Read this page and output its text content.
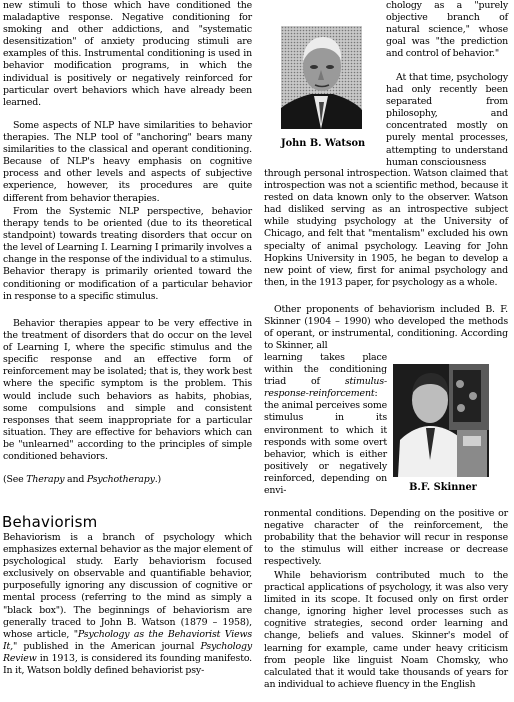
new stimuli to those which have conditioned the maladaptive response. Negative conditioning for smoking and other addictions, and "systematic desensitization" of anxiety producing stimuli are examples of this. Instrumental conditioning is used in behavior modification programs, in which the individual is positively or negatively reinforced for particular overt behaviors which have already been learned.

Some aspects of NLP have similarities to behavior therapies. The NLP tool of "anchoring" bears many similarities to the classical and operant conditioning. Because of NLP's heavy emphasis on cognitive process and other levels and aspects of subjective experience, however, its procedures are quite different from behavior therapies.

From the Systemic NLP perspective, behavior therapy tends to be oriented (due to its theoretical standpoint) towards treating disorders that occur on the level of Learning I. Learning I primarily involves a change in the response of the individual to a stimulus. Behavior therapy is primarily oriented toward the conditioning or modification of a particular behavior in response to a specific stimulus.

Behavior therapies appear to be very effective in the treatment of disorders that do occur on the level of Learning I, where the specific stimulus and the specific response and an effective form of reinforcement may be isolated; that is, they work best where the specific symptom is the problem. This would include such behaviors as habits, phobias, some compulsions and simple and consistent responses that seem inappropriate for a particular situation. They are effective for behaviors which can be "unlearned" according to the principles of simple conditioned behaviors.

(See Therapy and Psychotherapy.)

Behaviorism

Behaviorism is a branch of psychology which emphasizes external behavior as the major element of psychological study. Early behaviorism focused exclusively on observable and quantifiable behavior, purposefully ignoring any discussion of cognitive or mental process (referring to the mind as simply a "black box"). The beginnings of behaviorism are generally traced to John B. Watson (1879 – 1958), whose article, "Psychology as the Behaviorist Views It," published in the American journal Psychology Review in 1913, is considered its founding manifesto. In it, Watson boldly defined behaviorist psy-

John B. Watson

chology as a "purely objective branch of natural science," whose goal was "the prediction and control of behavior."

At that time, psychology had only recently been separated from philosophy, and concentrated mostly on purely mental processes, attempting to understand human consciousness

through personal introspection. Watson claimed that introspection was not a scientific method, because it rested on data known only to the observer. Watson had disliked serving as an introspective subject while studying psychology at the University of Chicago, and felt that "mentalism" excluded his own specialty of animal psychology. Leaving for John Hopkins University in 1905, he began to develop a new point of view, first for animal psychology and then, in the 1913 paper, for psychology as a whole.

Other proponents of behaviorism included B. F. Skinner (1904 – 1990) who developed the methods of operant, or instrumental, conditioning. According to Skinner, all

B.F. Skinner

learning takes place within the conditioning triad of stimulus-response-reinforcement: the animal perceives some stimulus in its environment to which it responds with some overt behavior, which is either positively or negatively reinforced, depending on envi-

ronmental conditions. Depending on the positive or negative character of the reinforcement, the probability that the behavior will recur in response to the stimulus will either increase or decrease respectively.

While behaviorism contributed much to the practical applications of psychology, it was also very limited in its scope. It focused only on first order change, ignoring higher level processes such as cognitive strategies, second order learning and change, beliefs and values. Skinner's model of learning for example, came under heavy criticism from people like linguist Noam Chomsky, who calculated that it would take thousands of years for an individual to achieve fluency in the English
